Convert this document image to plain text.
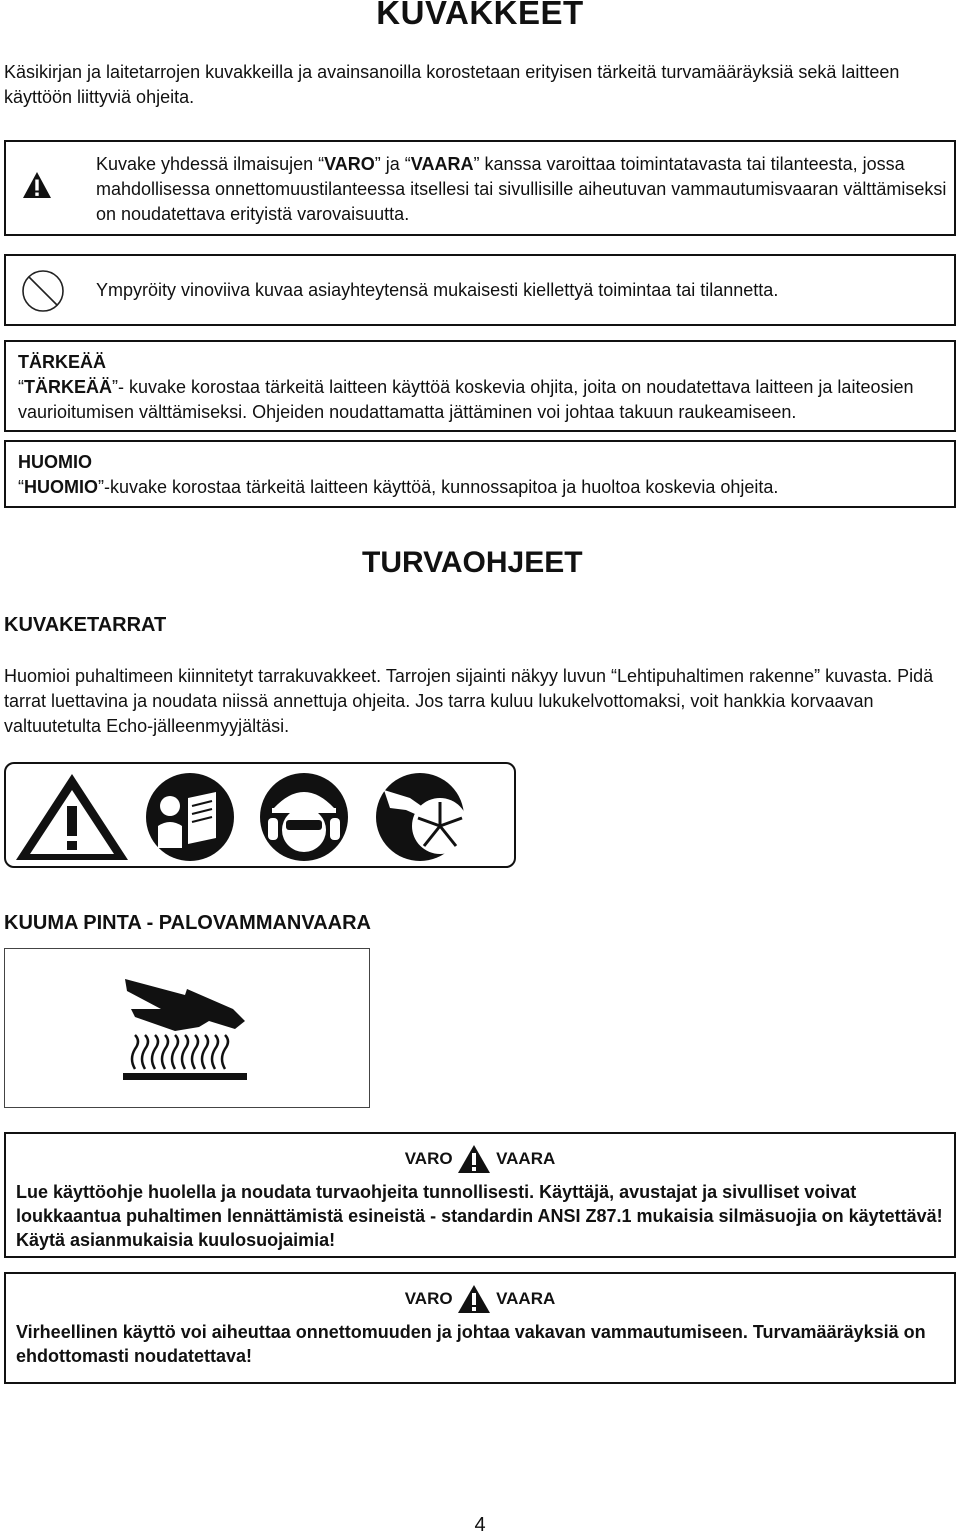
KUVAKKEET

Käsikirjan ja laitetarrojen kuvakkeilla ja avainsanoilla korostetaan erityisen tärkeitä turvamääräyksiä sekä laitteen käyttöön liittyviä ohjeita.

Kuvake yhdessä ilmaisujen “VARO” ja “VAARA” kanssa varoittaa toimintatavasta tai tilanteesta, jossa mahdollisessa onnettomuustilanteessa itsellesi tai sivullisille aiheutuvan vammautumisvaaran välttämiseksi on noudatettava erityistä varovaisuutta.

Ympyröity vinoviiva kuvaa asiayhteytensä mukaisesti kiellettyä toimintaa tai tilannetta.

TÄRKEÄÄ

“TÄRKEÄÄ”- kuvake korostaa tärkeitä laitteen käyttöä koskevia ohjita, joita on noudatettava laitteen ja laiteosien vaurioitumisen välttämiseksi. Ohjeiden noudattamatta jättäminen voi johtaa takuun raukeamiseen.

HUOMIO

“HUOMIO”-kuvake korostaa tärkeitä laitteen käyttöä, kunnossapitoa ja huoltoa koskevia ohjeita.

TURVAOHJEET
KUVAKETARRAT

Huomioi puhaltimeen kiinnitetyt tarrakuvakkeet. Tarrojen sijainti näkyy luvun “Lehtipuhaltimen rakenne” kuvasta. Pidä tarrat luettavina ja noudata niissä annettuja ohjeita. Jos tarra kuluu lukukelvottomaksi, voit hankkia korvaavan valtuutetulta Echo-jälleenmyyjältäsi.

KUUMA PINTA - PALOVAMMANVAARA
VARO	VAARA

Lue käyttöohje huolella ja noudata turvaohjeita tunnollisesti. Käyttäjä, avustajat ja sivulliset voivat loukkaantua puhaltimen lennättämistä esineistä - standardin ANSI Z87.1 mukaisia silmäsuojia on käytettävä! Käytä asianmukaisia kuulosuojaimia!

VARO	VAARA

Virheellinen käyttö voi aiheuttaa onnettomuuden ja johtaa vakavan vammautumiseen. Turvamääräyksiä on ehdottomasti noudatettava!

4
